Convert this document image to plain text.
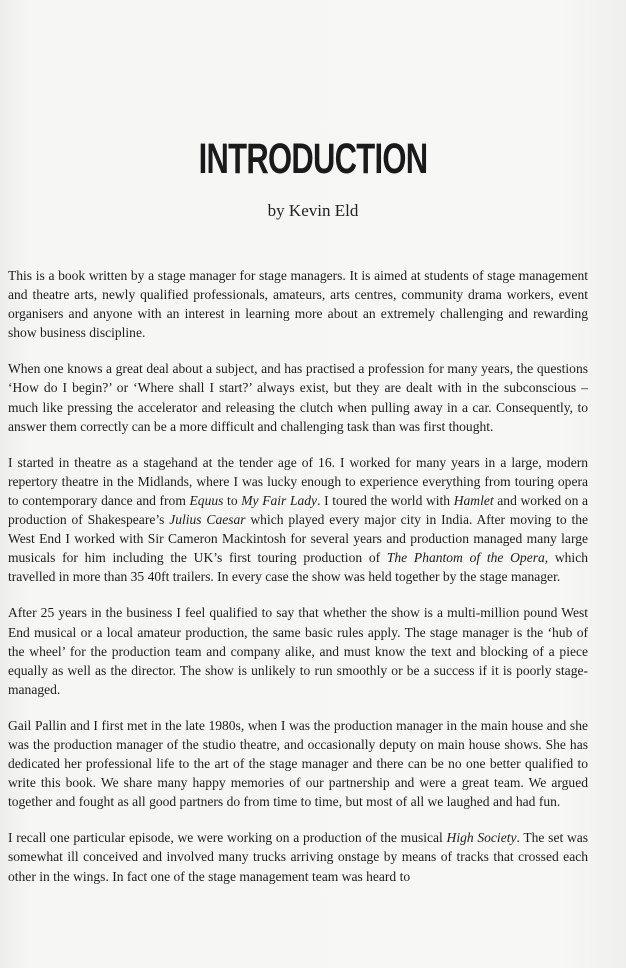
INTRODUCTION
by Kevin Eld

This is a book written by a stage manager for stage managers. It is aimed at students of stage management and theatre arts, newly qualified professionals, amateurs, arts centres, community drama workers, event organisers and anyone with an interest in learning more about an extremely challenging and rewarding show business discipline.

When one knows a great deal about a subject, and has practised a profession for many years, the questions ‘How do I begin?’ or ‘Where shall I start?’ always exist, but they are dealt with in the subconscious – much like pressing the accelerator and releasing the clutch when pulling away in a car. Consequently, to answer them correctly can be a more difficult and challenging task than was first thought.

I started in theatre as a stagehand at the tender age of 16. I worked for many years in a large, modern repertory theatre in the Midlands, where I was lucky enough to experience everything from touring opera to contemporary dance and from Equus to My Fair Lady. I toured the world with Hamlet and worked on a production of Shakespeare’s Julius Caesar which played every major city in India. After moving to the West End I worked with Sir Cameron Mackintosh for several years and production managed many large musicals for him including the UK’s first touring production of The Phantom of the Opera, which travelled in more than 35 40ft trailers. In every case the show was held together by the stage manager.

After 25 years in the business I feel qualified to say that whether the show is a multi-million pound West End musical or a local amateur production, the same basic rules apply. The stage manager is the ‘hub of the wheel’ for the production team and company alike, and must know the text and blocking of a piece equally as well as the director. The show is unlikely to run smoothly or be a success if it is poorly stage-managed.

Gail Pallin and I first met in the late 1980s, when I was the production manager in the main house and she was the production manager of the studio theatre, and occasionally deputy on main house shows. She has dedicated her professional life to the art of the stage manager and there can be no one better qualified to write this book. We share many happy memories of our partnership and were a great team. We argued together and fought as all good partners do from time to time, but most of all we laughed and had fun.

I recall one particular episode, we were working on a production of the musical High Society. The set was somewhat ill conceived and involved many trucks arriving onstage by means of tracks that crossed each other in the wings. In fact one of the stage management team was heard to
